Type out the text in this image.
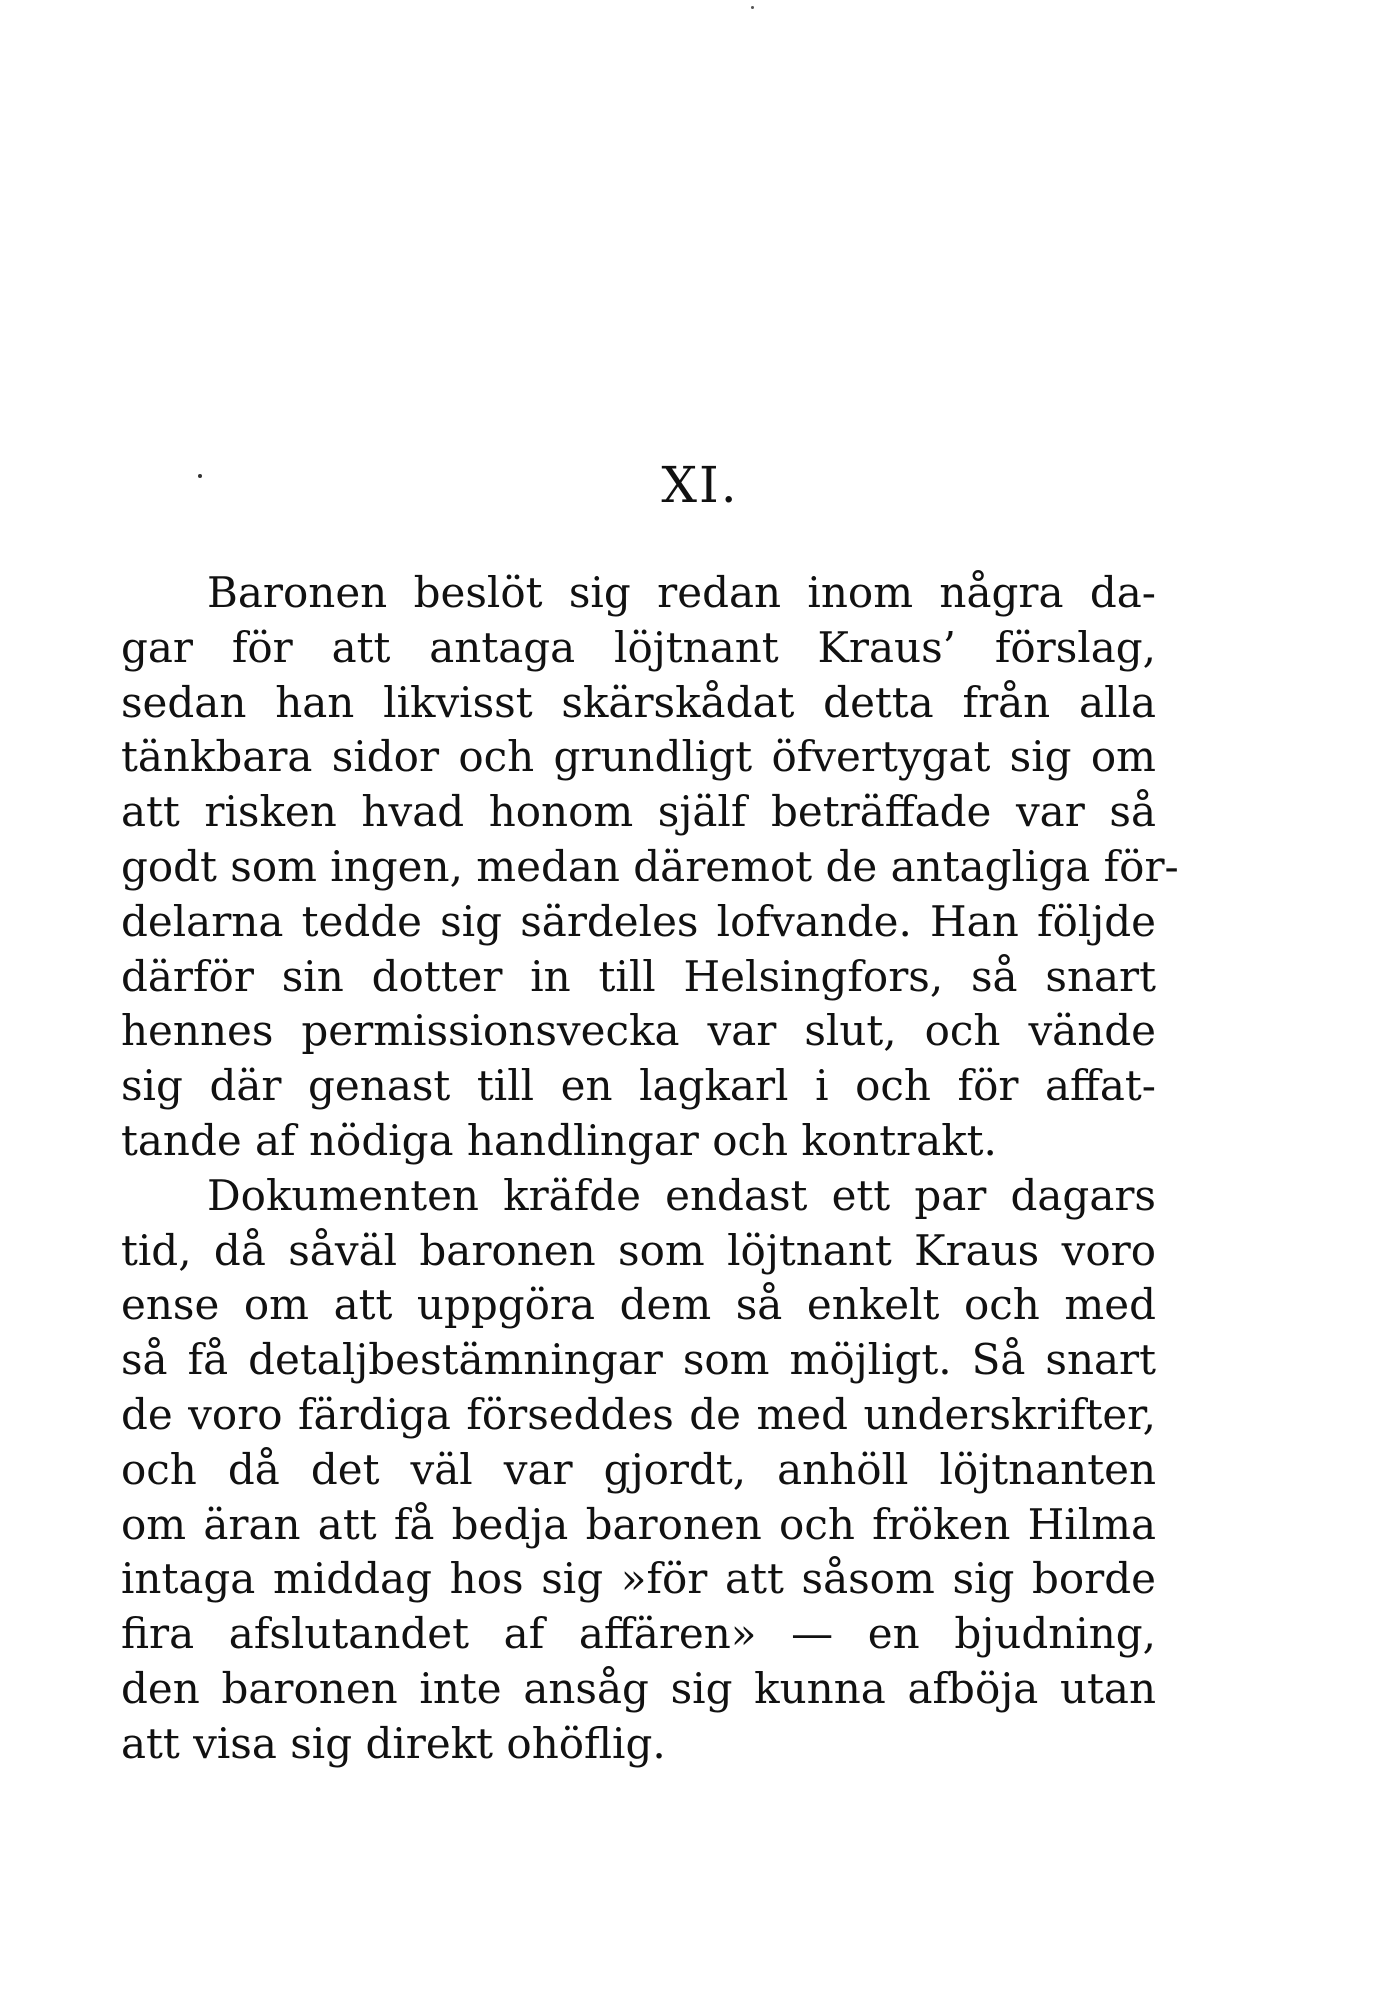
XI.
Baronen beslöt sig redan inom några da-
gar för att antaga löjtnant Kraus’ förslag,
sedan han likvisst skärskådat detta från alla
tänkbara sidor och grundligt öfvertygat sig om
att risken hvad honom själf beträffade var så
godt som ingen, medan däremot de antagliga för-
delarna tedde sig särdeles lofvande. Han följde
därför sin dotter in till Helsingfors, så snart
hennes permissionsvecka var slut, och vände
sig där genast till en lagkarl i och för affat-
tande af nödiga handlingar och kontrakt.
Dokumenten kräfde endast ett par dagars
tid, då såväl baronen som löjtnant Kraus voro
ense om att uppgöra dem så enkelt och med
så få detaljbestämningar som möjligt. Så snart
de voro färdiga förseddes de med underskrifter,
och då det väl var gjordt, anhöll löjtnanten
om äran att få bedja baronen och fröken Hilma
intaga middag hos sig »för att såsom sig borde
fira afslutandet af affären» — en bjudning,
den baronen inte ansåg sig kunna afböja utan
att visa sig direkt ohöflig.
